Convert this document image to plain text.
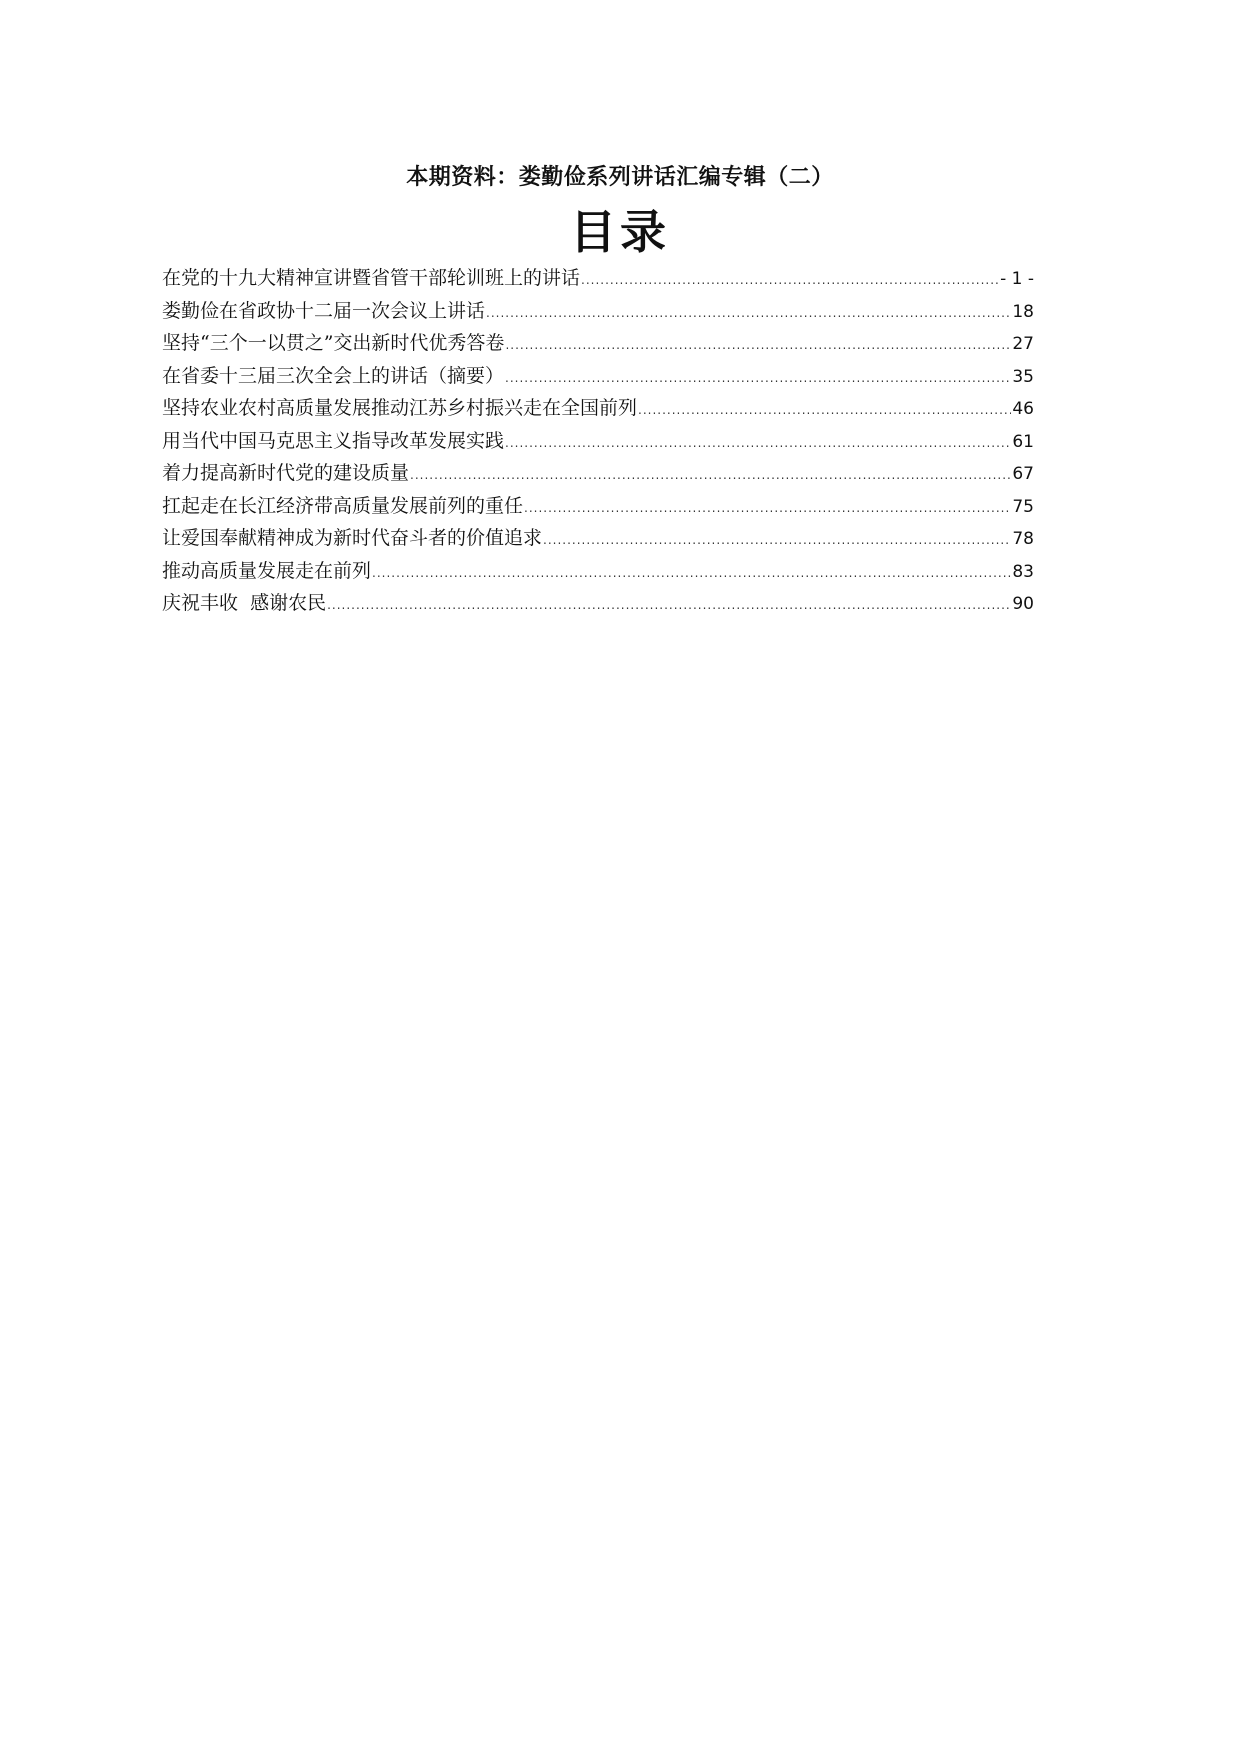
本期资料：娄勤俭系列讲话汇编专辑（二）
目录
在党的十九大精神宣讲暨省管干部轮训班上的讲话 .....	- 1 -
娄勤俭在省政协十二届一次会议上讲话 .....	18
坚持“三个一以贯之”交出新时代优秀答卷 .....	27
在省委十三届三次全会上的讲话（摘要） .....	35
坚持农业农村高质量发展推动江苏乡村振兴走在全国前列 .....	46
用当代中国马克思主义指导改革发展实践 .....	61
着力提高新时代党的建设质量 .....	67
扛起走在长江经济带高质量发展前列的重任 .....	75
让爱国奉献精神成为新时代奋斗者的价值追求 .....	78
推动高质量发展走在前列 .....	83
庆祝丰收  感谢农民 .....	90
